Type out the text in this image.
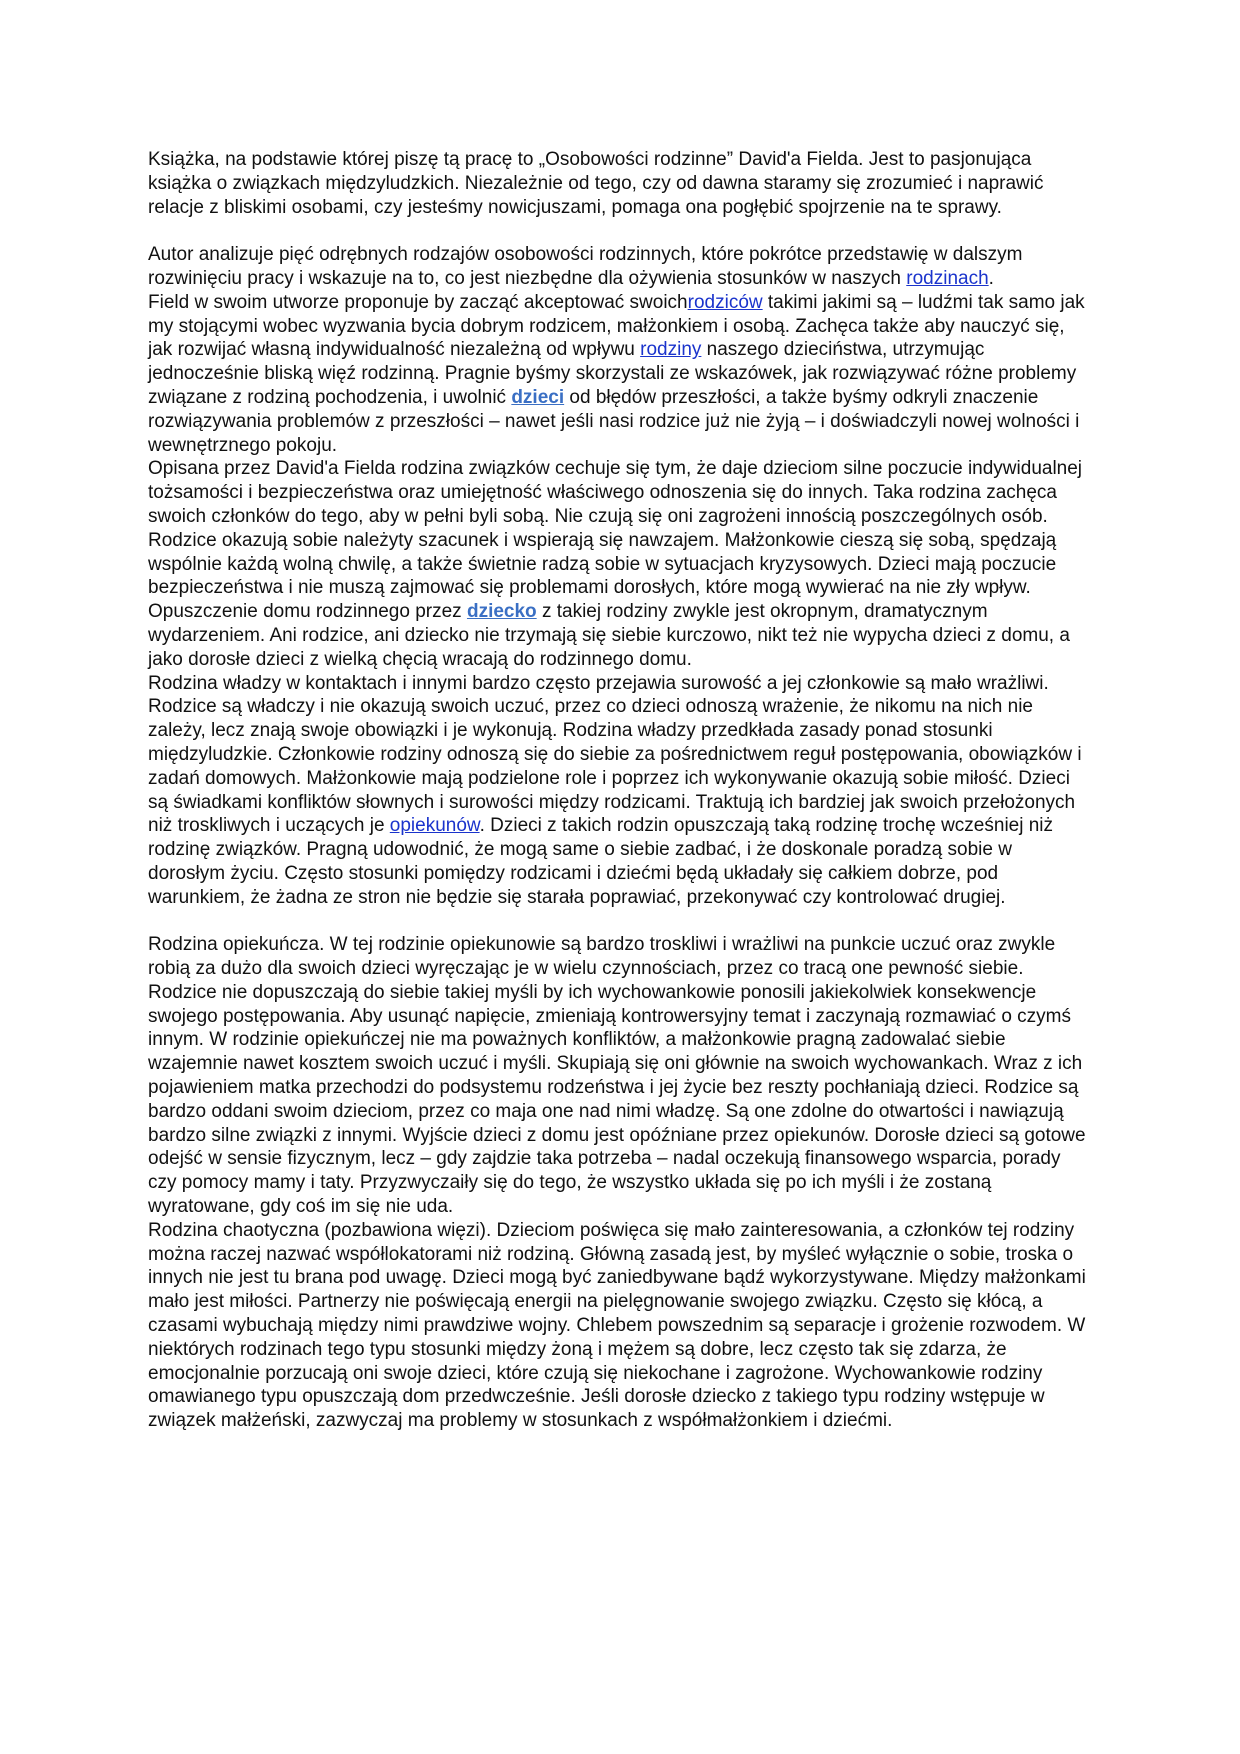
Książka, na podstawie której piszę tą pracę to „Osobowości rodzinne” David'a Fielda. Jest to pasjonująca książka o związkach międzyludzkich. Niezależnie od tego, czy od dawna staramy się zrozumieć i naprawić relacje z bliskimi osobami, czy jesteśmy nowicjuszami, pomaga ona pogłębić spojrzenie na te sprawy.

Autor analizuje pięć odrębnych rodzajów osobowości rodzinnych, które pokrótce przedstawię w dalszym rozwinięciu pracy i wskazuje na to, co jest niezbędne dla ożywienia stosunków w naszych rodzinach.

Field w swoim utworze proponuje by zacząć akceptować swoichrodziców takimi jakimi są – ludźmi tak samo jak my stojącymi wobec wyzwania bycia dobrym rodzicem, małżonkiem i osobą. Zachęca także aby nauczyć się, jak rozwijać własną indywidualność niezależną od wpływu rodziny naszego dzieciństwa, utrzymując jednocześnie bliską więź rodzinną. Pragnie byśmy skorzystali ze wskazówek, jak rozwiązywać różne problemy związane z rodziną pochodzenia, i uwolnić dzieci od błędów przeszłości, a także byśmy odkryli znaczenie rozwiązywania problemów z przeszłości – nawet jeśli nasi rodzice już nie żyją – i doświadczyli nowej wolności i wewnętrznego pokoju.

Opisana przez David'a Fielda rodzina związków cechuje się tym, że daje dzieciom silne poczucie indywidualnej tożsamości i bezpieczeństwa oraz umiejętność właściwego odnoszenia się do innych. Taka rodzina zachęca swoich członków do tego, aby w pełni byli sobą. Nie czują się oni zagrożeni innością poszczególnych osób. Rodzice okazują sobie należyty szacunek i wspierają się nawzajem. Małżonkowie cieszą się sobą, spędzają wspólnie każdą wolną chwilę, a także świetnie radzą sobie w sytuacjach kryzysowych. Dzieci mają poczucie bezpieczeństwa i nie muszą zajmować się problemami dorosłych, które mogą wywierać na nie zły wpływ. Opuszczenie domu rodzinnego przez dziecko z takiej rodziny zwykle jest okropnym, dramatycznym wydarzeniem. Ani rodzice, ani dziecko nie trzymają się siebie kurczowo, nikt też nie wypycha dzieci z domu, a jako dorosłe dzieci z wielką chęcią wracają do rodzinnego domu.

Rodzina władzy w kontaktach i innymi bardzo często przejawia surowość a jej członkowie są mało wrażliwi. Rodzice są władczy i nie okazują swoich uczuć, przez co dzieci odnoszą wrażenie, że nikomu na nich nie zależy, lecz znają swoje obowiązki i je wykonują. Rodzina władzy przedkłada zasady ponad stosunki międzyludzkie. Członkowie rodziny odnoszą się do siebie za pośrednictwem reguł postępowania, obowiązków i zadań domowych. Małżonkowie mają podzielone role i poprzez ich wykonywanie okazują sobie miłość. Dzieci są świadkami konfliktów słownych i surowości między rodzicami. Traktują ich bardziej jak swoich przełożonych niż troskliwych i uczących je opiekunów. Dzieci z takich rodzin opuszczają taką rodzinę trochę wcześniej niż rodzinę związków. Pragną udowodnić, że mogą same o siebie zadbać, i że doskonale poradzą sobie w dorosłym życiu. Często stosunki pomiędzy rodzicami i dziećmi będą układały się całkiem dobrze, pod warunkiem, że żadna ze stron nie będzie się starała poprawiać, przekonywać czy kontrolować drugiej.

Rodzina opiekuńcza. W tej rodzinie opiekunowie są bardzo troskliwi i wrażliwi na punkcie uczuć oraz zwykle robią za dużo dla swoich dzieci wyręczając je w wielu czynnościach, przez co tracą one pewność siebie. Rodzice nie dopuszczają do siebie takiej myśli by ich wychowankowie ponosili jakiekolwiek konsekwencje swojego postępowania. Aby usunąć napięcie, zmieniają kontrowersyjny temat i zaczynają rozmawiać o czymś innym. W rodzinie opiekuńczej nie ma poważnych konfliktów, a małżonkowie pragną zadowalać siebie wzajemnie nawet kosztem swoich uczuć i myśli. Skupiają się oni głównie na swoich wychowankach. Wraz z ich pojawieniem matka przechodzi do podsystemu rodzeństwa i jej życie bez reszty pochłaniają dzieci. Rodzice są bardzo oddani swoim dzieciom, przez co maja one nad nimi władzę. Są one zdolne do otwartości i nawiązują bardzo silne związki z innymi. Wyjście dzieci z domu jest opóźniane przez opiekunów. Dorosłe dzieci są gotowe odejść w sensie fizycznym, lecz – gdy zajdzie taka potrzeba – nadal oczekują finansowego wsparcia, porady czy pomocy mamy i taty. Przyzwyczaiły się do tego, że wszystko układa się po ich myśli i że zostaną wyratowane, gdy coś im się nie uda.

Rodzina chaotyczna (pozbawiona więzi). Dzieciom poświęca się mało zainteresowania, a członków tej rodziny można raczej nazwać współlokatorami niż rodziną. Główną zasadą jest, by myśleć wyłącznie o sobie, troska o innych nie jest tu brana pod uwagę. Dzieci mogą być zaniedbywane bądź wykorzystywane. Między małżonkami mało jest miłości. Partnerzy nie poświęcają energii na pielęgnowanie swojego związku. Często się kłócą, a czasami wybuchają między nimi prawdziwe wojny. Chlebem powszednim są separacje i grożenie rozwodem. W niektórych rodzinach tego typu stosunki między żoną i mężem są dobre, lecz często tak się zdarza, że emocjonalnie porzucają oni swoje dzieci, które czują się niekochane i zagrożone. Wychowankowie rodziny omawianego typu opuszczają dom przedwcześnie. Jeśli dorosłe dziecko z takiego typu rodziny wstępuje w związek małżeński, zazwyczaj ma problemy w stosunkach z współmałżonkiem i dziećmi.
